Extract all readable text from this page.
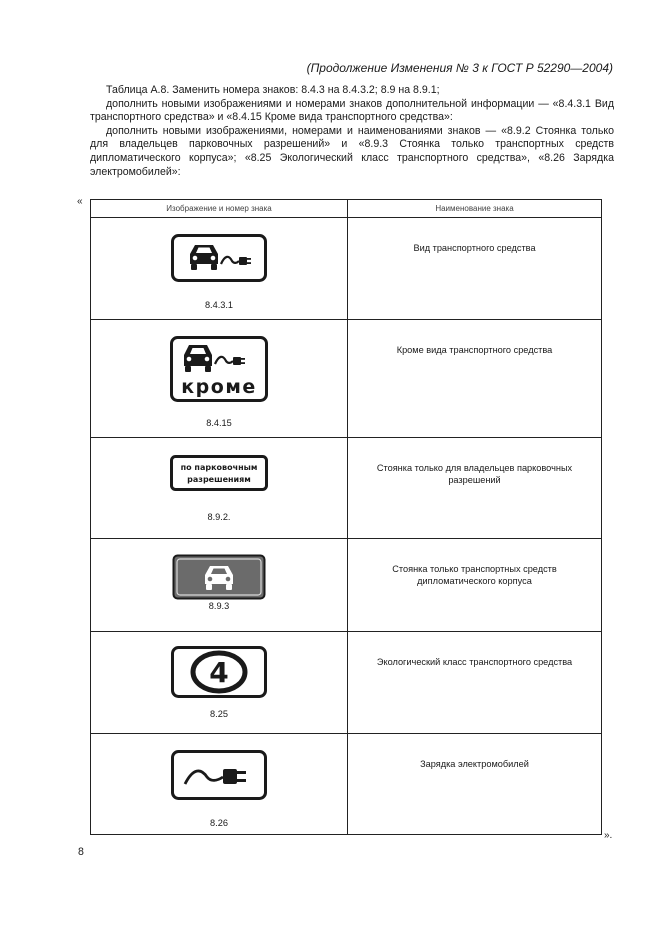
(Продолжение Изменения № 3 к ГОСТ Р 52290—2004)

Таблица А.8. Заменить номера знаков: 8.4.3 на 8.4.3.2; 8.9 на 8.9.1;

дополнить новыми изображениями и номерами знаков дополнительной информации — «8.4.3.1 Вид транспортного средства» и «8.4.15 Кроме вида транспортного средства»:

дополнить новыми изображениями, номерами и наименованиями знаков — «8.9.2 Стоянка только для владельцев парковочных разрешений» и «8.9.3 Стоянка только транспортных средств дипломатического корпуса»; «8.25 Экологический класс транспортного средства», «8.26 Зарядка электромобилей»:

«
Изображение и номер знака	Наименование знака

8.4.3.1	Вид транспортного средства

кроме
8.4.15	Кроме вида транспортного средства

по парковочным
разрешениям
8.9.2.	Стоянка только для владельцев парковочных разрешений

8.9.3	Стоянка только транспортных средств дипломатического корпуса

4
8.25	Экологический класс транспортного средства

8.26	Зарядка электромобилей
».
8
